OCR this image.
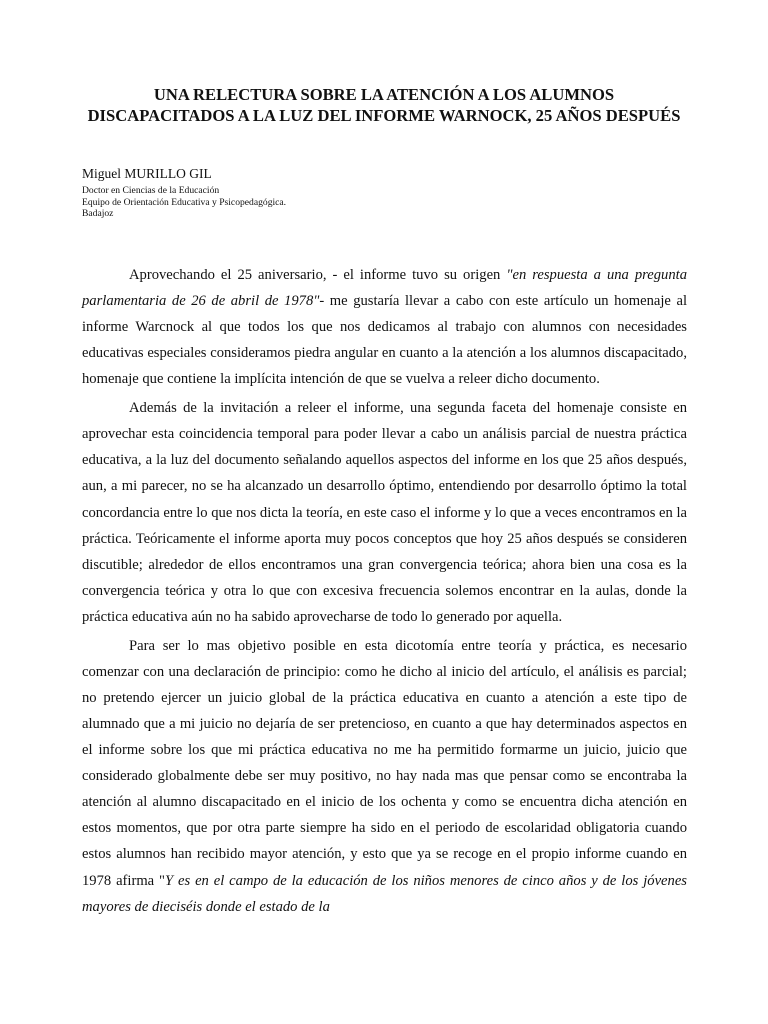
UNA RELECTURA SOBRE LA ATENCIÓN A LOS ALUMNOS DISCAPACITADOS A LA LUZ DEL INFORME WARNOCK, 25 AÑOS DESPUÉS

Miguel MURILLO GIL

Doctor en Ciencias de la Educación

Equipo de Orientación Educativa y Psicopedagógica.

Badajoz

Aprovechando el 25 aniversario, - el informe tuvo su origen "en respuesta a una pregunta parlamentaria de 26 de abril de 1978"- me gustaría llevar a cabo con este artículo un homenaje al informe Warcnock al que todos los que nos dedicamos al trabajo con alumnos con necesidades educativas especiales consideramos piedra angular en cuanto a la atención a los alumnos discapacitado, homenaje que contiene la implícita intención de que se vuelva a releer dicho documento.

Además de la invitación a releer el informe, una segunda faceta del homenaje consiste en aprovechar esta coincidencia temporal para poder llevar a cabo un análisis parcial de nuestra práctica educativa, a la luz del documento señalando aquellos aspectos del informe en los que 25 años después, aun, a mi parecer, no se ha alcanzado un desarrollo óptimo, entendiendo por desarrollo óptimo la total concordancia entre lo que nos dicta la teoría, en este caso el informe y lo que a veces encontramos en la práctica. Teóricamente el informe aporta muy pocos conceptos que hoy 25 años después se consideren discutible; alrededor de ellos encontramos una gran convergencia teórica; ahora bien una cosa es la convergencia teórica y otra lo que con excesiva frecuencia solemos encontrar en la aulas, donde la práctica educativa aún no ha sabido aprovecharse de todo lo generado por aquella.

Para ser lo mas objetivo posible en esta dicotomía entre teoría y práctica, es necesario comenzar con una declaración de principio: como he dicho al inicio del artículo, el análisis es parcial; no pretendo ejercer un juicio global de la práctica educativa en cuanto a atención a este tipo de alumnado que a mi juicio no dejaría de ser pretencioso, en cuanto a que hay determinados aspectos en el informe sobre los que mi práctica educativa no me ha permitido formarme un juicio, juicio que considerado globalmente debe ser muy positivo, no hay nada mas que pensar como se encontraba la atención al alumno discapacitado en el inicio de los ochenta y como se encuentra dicha atención en estos momentos, que por otra parte siempre ha sido en el periodo de escolaridad obligatoria cuando estos alumnos han recibido mayor atención, y esto que ya se recoge en el propio informe cuando en 1978 afirma "Y es en el campo de la educación de los niños menores de cinco años y de los jóvenes mayores de dieciséis donde el estado de la
